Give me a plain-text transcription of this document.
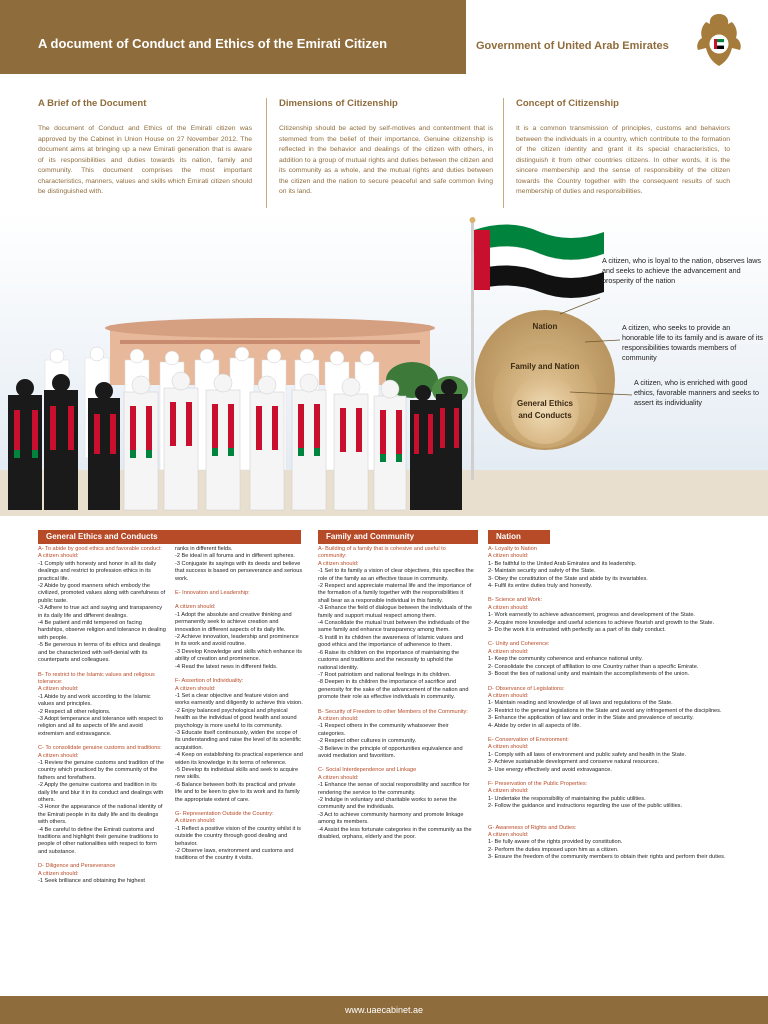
A document of Conduct and Ethics of the Emirati Citizen	Government of United Arab Emirates
A Brief of the Document
The document of Conduct and Ethics of the Emirati citizen was approved by the Cabinet in Union House on 27 November 2012. The document aims at bringing up a new Emirati generation that is aware of its responsibilities and duties towards its nation, family and community. This document comprises the most important characteristics, manners, values and skills which Emirati citizen should be distinguished with.
Dimensions of Citizenship
Citizenship should be acted by self-motives and contentment that is stemmed from the belief of their importance. Genuine citizenship is reflected in the behavior and dealings of the citizen with others, in addition to a group of mutual rights and duties between the citizen and its community as a whole, and the mutual rights and duties between the citizen and the nation to secure peaceful and safe common living on its land.
Concept of Citizenship
It is a common transmission of principles, customs and behaviors between the individuals in a country, which contribute to the formation of the citizen identity and grant it its special characteristics, to distinguish it from other countries citizens. In other words, it is the sincere membership and the sense of responsibility of the citizen towards the Country together with the consequent results of such membership of duties and responsibilities.
Nation
Family and Nation
General Ethics and Conducts
A citizen, who is loyal to the nation, observes laws and seeks to achieve the advancement and prosperity of the nation
A citizen, who seeks to provide an honorable life to its family and is aware of its responsibilities towards members of community
A citizen, who is enriched with good ethics, favorable manners and seeks to assert its individuality
General Ethics and Conducts	Family and Community	Nation
A- To abide by good ethics and favorable conduct:
A citizen should:
-1 Comply with honesty and honor in all its daily dealings and restrict to profession ethics in its practical life.
-2 Abide by good manners which embody the civilized, promoted values along with carefulness of public taste.
-3 Adhere to true act and saying and transparency in its daily life and different dealings.
-4 Be patient and mild tempered on facing hardships, observe religion and tolerance in dealing with people.
-5 Be generous in terms of its ethics and dealings and be characterized with self-denial with its counterparts and colleagues.
B- To restrict to the Islamic values and religious tolerance:
A citizen should:
-1 Abide by and work according to the Islamic values and principles.
-2 Respect all other religions.
-3 Adopt temperance and tolerance with respect to religion and all its aspects of life and avoid extremism and extravagance.
C- To consolidate genuine customs and traditions:
A citizen should:
-1 Review the genuine customs and tradition of the country which practiced by the community of the fathers and forefathers.
-2 Apply the genuine customs and tradition in its daily life and blur it in its conduct and dealings with others.
-3 Honor the appearance of the national identity of the Emirati people in its daily life and its dealings with others.
-4 Be careful to define the Emirati customs and traditions and highlight their genuine traditions to people of other nationalities with respect to form and substance.
D- Diligence and Perseverance
A citizen should:
-1 Seek brilliance and obtaining the highest
ranks in different fields.
-2 Be ideal in all forums and in different spheres.
-3 Conjugate its sayings with its deeds and believe that success is based on perseverance and serious work.
E- Innovation and Leadership:
A citizen should:
-1 Adopt the absolute and creative thinking and permanently seek to achieve creation and innovation in different aspects of its daily life.
-2 Achieve innovation, leadership and prominence in its work and avoid routine.
-3 Develop Knowledge and skills which enhance its ability of creation and prominence.
-4 Read the latest news in different fields.
F- Assertion of Individuality:
A citizen should:
-1 Set a clear objective and feature vision and works earnestly and diligently to achieve this vision.
-2 Enjoy balanced psychological and physical health as the individual of good health and sound psychology is more useful to its community.
-3 Educate itself continuously, widen the scope of its understanding and raise the level of its scientific acquisition.
-4 Keep on establishing its practical experience and widen its knowledge in its terms of reference.
-5 Develop its individual skills and seek to acquire new skills.
-6 Balance between both its practical and private life and to be keen to give to its work and its family the appropriate extent of care.
G- Representation Outside the Country:
A citizen should:
-1 Reflect a positive vision of the country whilst it is outside the country through good dealing and behavior.
-2 Observe laws, environment and customs and traditions of the country it visits.
A- Building of a family that is cohesive and useful to community:
A citizen should:
-1 Set to its family a vision of clear objectives, this specifies the role of the family as an effective tissue in community.
-2 Respect and appreciate maternal life and the importance of the formation of a family together with the responsibilities it shall bear as a responsible individual in this family.
-3 Enhance the field of dialogue between the individuals of the family and support mutual respect among them.
-4 Consolidate the mutual trust between the individuals of the same family and enhance transparency among them.
-5 Instill in its children the awareness of Islamic values and good ethics and the importance of adherence to them.
-6 Raise its children on the importance of maintaining the customs and traditions and the necessity to uphold the national identity.
-7 Root patriotism and national feelings in its children.
-8 Deepen in its children the importance of sacrifice and generosity for the sake of the advancement of the nation and promote their role as effective individuals in community.
B- Security of Freedom to other Members of the Community:
A citizen should:
-1 Respect others in the community whatsoever their categories.
-2 Respect other cultures in community.
-3 Believe in the principle of opportunities equivalence and avoid mediation and favoritism.
C- Social Interdependence and Linkage
A citizen should:
-1 Enhance the sense of social responsibility and sacrifice for rendering the service to the community.
-2 Indulge in voluntary and charitable works to serve the community and the individuals.
-3 Act to achieve community harmony and promote linkage among its members.
-4 Assist the less fortunate categories in the community as the disabled, orphans, elderly and the poor.
A- Loyalty to Nation
A citizen should:
1- Be faithful to the United Arab Emirates and its leadership.
2- Maintain security and safety of the State.
3- Obey the constitution of the State and abide by its invariables.
4- Fulfil its entire duties truly and honestly.
B- Science and Work:
A citizen should:
1- Work earnestly to achieve advancement, progress and development of the State.
2- Acquire more knowledge and useful sciences to achieve flourish and growth to the State.
3- Do the work it is entrusted with perfectly as a part of its daily conduct.
C- Unity and Coherence:
A citizen should:
1- Keep the community coherence and enhance national unity.
2- Consolidate the concept of affiliation to one Country rather than a specific Emirate.
3- Boost the ties of national unity and maintain the accomplishments of the union.
D- Observance of Legislations:
A citizen should:
1- Maintain reading and knowledge of all laws and regulations of the State.
2- Restrict to the general legislations in the State and avoid any infringement of the disciplines.
3- Enhance the application of law and order in the State and prevalence of security.
4- Abide by order in all aspects of life.
E- Conservation of Environment:
A citizen should:
1- Comply with all laws of environment and public safety and health in the State.
2- Achieve sustainable development and conserve natural resources.
3- Use energy effectively and avoid extravagance.
F- Preservation of the Public Properties:
A citizen should:
1- Undertake the responsibility of maintaining the public utilities.
2- Follow the guidance and instructions regarding the use of the public utilities.
G- Awareness of Rights and Duties:
A citizen should:
1- Be fully aware of the rights provided by constitution.
2- Perform the duties imposed upon him as a citizen.
3- Ensure the freedom of the community members to obtain their rights and perform their duties.
www.uaecabinet.ae
